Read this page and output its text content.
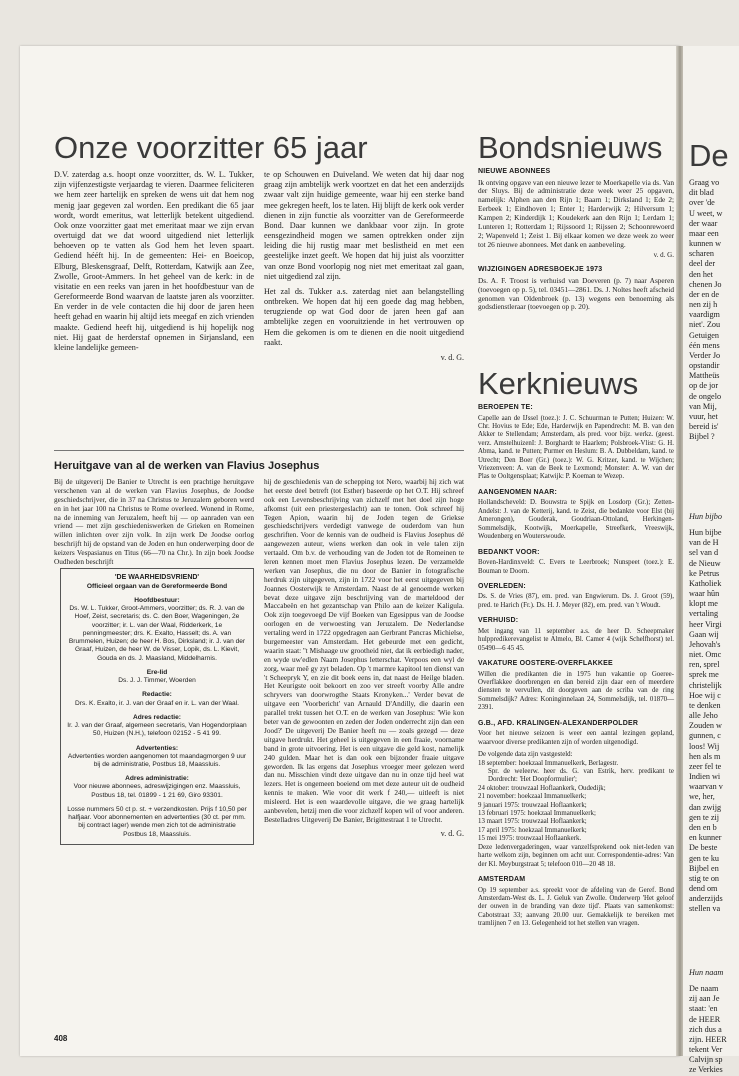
Onze voorzitter 65 jaar

D.V. zaterdag a.s. hoopt onze voorzitter, ds. W. L. Tukker, zijn vijfenzestigste verjaardag te vieren. Daarmee feliciteren we hem zeer hartelijk en spreken de wens uit dat hem nog menig jaar gegeven zal worden. Een predikant die 65 jaar wordt, wordt emeritus, wat letterlijk betekent uitgediend. Ook onze voorzitter gaat met emeritaat maar we zijn ervan overtuigd dat we dat woord uitgediend niet letterlijk behoeven op te vatten als God hem het leven spaart. Gediend hééft hij. In de gemeenten: Hei- en Boeicop, Elburg, Bleskensgraaf, Delft, Rotterdam, Katwijk aan Zee, Zwolle, Groot-Ammers. In het geheel van de kerk: in de visitatie en een reeks van jaren in het hoofdbestuur van de Gereformeerde Bond waarvan de laatste jaren als voorzitter. En verder in de vele contacten die hij door de jaren heen heeft gehad en waarin hij altijd iets meegaf en zich vrienden maakte. Gediend heeft hij, uitgediend is hij hopelijk nog niet. Hij gaat de herderstaf opnemen in Sirjansland, een kleine landelijke gemeen-

te op Schouwen en Duiveland. We weten dat hij daar nog graag zijn ambtelijk werk voortzet en dat het een anderzijds zwaar valt zijn huidige gemeente, waar hij een sterke band mee gekregen heeft, los te laten. Hij blijft de kerk ook verder dienen in zijn functie als voorzitter van de Gereformeerde Bond. Daar kunnen we dankbaar voor zijn. In grote eensgezindheid mogen we samen optrekken onder zijn leiding die hij rustig maar met beslistheid en met een geestelijke inzet geeft. We hopen dat hij juist als voorzitter van onze Bond voorlopig nog niet met emeritaat zal gaan, niet uitgediend zal zijn.

Het zal ds. Tukker a.s. zaterdag niet aan belangstelling ontbreken. We hopen dat hij een goede dag mag hebben, terugziende op wat God door de jaren heen gaf aan ambtelijke zegen en vooruitziende in het vertrouwen op Hem die gekomen is om te dienen en die nooit uitgediend raakt.

v. d. G.
Heruitgave van al de werken van Flavius Josephus

Bij de uitgeverij De Banier te Utrecht is een prachtige heruitgave verschenen van al de werken van Flavius Josephus, de Joodse geschiedschrijver, die in 37 na Christus te Jeruzalem geboren werd en in het jaar 100 na Christus te Rome overleed. Wonend in Rome, na de inneming van Jeruzalem, heeft hij — op aanraden van een vriend — met zijn geschiedeniswerken de Grieken en Romeinen willen inlichten over zijn volk. In zijn werk De Joodse oorlog beschrijft hij de opstand van de Joden en hun onderwerping door de keizers Vespasianus en Titus (66—70 na Chr.). In zijn boek Joodse Oudheden beschrijft

hij de geschiedenis van de schepping tot Nero, waarbij hij zich wat het eerste deel betreft (tot Esther) baseerde op het O.T. Hij schreef ook een Levensbeschrijving van zichzelf met het doel zijn hoge afkomst (uit een priestergeslacht) aan te tonen. Ook schreef hij Tegen Apion, waarin hij de Joden tegen de Griekse geschiedschrijvers verdedigt vanwege de ouderdom van hun geschriften. Voor de kennis van de oudheid is Flavius Josephus dé aangewezen auteur, wiens werken dan ook in vele talen zijn vertaald. Om b.v. de verhouding van de Joden tot de Romeinen te leren kennen moet men Flavius Josephus lezen. De verzamelde werken van Josephus, die nu door de Banier in fotografische herdruk zijn uitgegeven, zijn in 1722 voor het eerst uitgegeven bij Joannes Oosterwijk te Amsterdam. Naast de al genoemde werken bevat deze uitgave zijn beschrijving van de marteldood der Maccabeën en het gezantschap van Philo aan de keizer Kaligula. Ook zijn toegevoegd De vijf Boeken van Egesippus van de Joodse oorlogen en de verwoesting van Jeruzalem. De Nederlandse vertaling werd in 1722 opgedragen aan Gerbrant Pancras Michielse, burgemeester van Amsterdam. Het gebeurde met een gedicht, waarin staat: ''t Mishaage uw grootheid niet, dat ik eerbiedigh nader, en wyde uw'edlen Naam Josephus letterschat. Verpoos een wyl de zorg, waar meê gy zyt beladen. Op 't marmre kapitool ten dienst van 't Scheepryk Y, en zie dit boek eens in, dat naast de Heilge bladen. Het Keurigste ooit bekoort en zoo ver streeft voorby Alle andre schryvers van doorwrogthe Staats Kronyken...' Verder bevat de uitgave een 'Voorbericht' van Arnauld D'Andilly, die daarin een parallel trekt tussen het O.T. en de werken van Josephus: 'Wie kon beter van de gewoonten en zeden der Joden onderrecht zijn dan een Jood?' De uitgeverij De Banier heeft nu — zoals gezegd — deze uitgave herdrukt. Het geheel is uitgegeven in een fraaie, voorname band in grote uitvoering. Het is een uitgave die geld kost, namelijk 240 gulden. Maar het is dan ook een bijzonder fraaie uitgave geworden. Ik las ergens dat Josephus vroeger meer gelezen werd dan nu. Misschien vindt deze uitgave dan nu in onze tijd heel wat lezers. Het is ongemeen boeiend om met deze auteur uit de oudheid kennis te maken. Wie voor dit werk f 240,— uitleeft is niet misleerd. Het is een waardevolle uitgave, die we graag hartelijk aanbevelen, hetzij men die voor zichzelf kopen wil of voor anderen. Bestelladres Uitgeverij De Banier, Brigittestraat 1 te Utrecht.

v. d. G.
'DE WAARHEIDSVRIEND'
Officieel orgaan van de Gereformeerde Bond
Hoofdbestuur:
Ds. W. L. Tukker, Groot-Ammers, voorzitter; ds. R. J. van de Hoef, Zeist, secretaris; ds. C. den Boer, Wageningen, 2e voorzitter; ir. L. van der Waal, Ridderkerk, 1e penningmeester; drs. K. Exalto, Hasselt; ds. A. van Brummelen, Huizen; de heer H. Bos, Dirksland; ir. J. van der Graaf, Huizen, de heer W. de Visser, Lopik, ds. L. Kievit, Gouda en ds. J. Maasland, Middelharnis.
Ere-lid
Ds. J. J. Timmer, Woerden
Redactie:
Drs. K. Exalto, ir. J. van der Graaf en ir. L. van der Waal.
Adres redactie:
Ir. J. van der Graaf, algemeen secretaris, Van Hogendorplaan 50, Huizen (N.H.), telefoon 02152 - 5 41 99.
Advertenties:
Advertenties worden aangenomen tot maandagmorgen 9 uur bij de administratie, Postbus 18, Maassluis.
Adres administratie:
Voor nieuwe abonnees, adreswijzigingen enz. Maassluis, Postbus 18, tel. 01899 - 1 21 69, Giro 93301.
Losse nummers 50 ct p. st. + verzendkosten. Prijs f 10,50 per halfjaar. Voor abonnementen en advertenties (30 ct. per mm. bij contract lager) wende men zich tot de administratie Postbus 18, Maassluis.
Bondsnieuws
NIEUWE ABONNEES

Ik ontving opgave van een nieuwe lezer te Moerkapelle via ds. Van der Sluys. Bij de administratie deze week weer 25 opgaven, namelijk: Alphen aan den Rijn 1; Baarn 1; Dirksland 1; Ede 2; Eerbeek 1; Eindhoven 1; Enter 1; Harderwijk 2; Hilversum 1; Kampen 2; Kinderdijk 1; Koudekerk aan den Rijn 1; Lerdam 1; Lunteren 1; Rotterdam 1; Rijssoord 1; Rijssen 2; Schoonrewoerd 2; Wapenveld 1; Zeist 1. Bij elkaar komen we deze week zo weer tot 26 nieuwe abonnees. Met dank en aanbeveling.

v. d. G.
WIJZIGINGEN ADRESBOEKJE 1973

Ds. A. F. Troost is verhuisd van Doeveren (p. 7) naar Asperen (toevoegen op p. 5), tel. 03451—2861. Ds. J. Noltes heeft afscheid genomen van Oldenbroek (p. 13) wegens een benoeming als godsdienstleraar (toevoegen op p. 20).

Kerknieuws
BEROEPEN TE:

Capelle aan de IJssel (toez.): J. C. Schuurman te Putten; Huizen: W. Chr. Hovius te Ede; Ede, Harderwijk en Papendrecht: M. B. van den Akker te Stellendam; Amsterdam, als pred. voor bijz. werkz. (geest. verz. AmstelhuizenI: J. Borghardt te Haarlem; Polsbroek-Vlist: G. H. Abma, kand. te Putten; Purmer en Heslum: B. A. Dubbeldam, kand. te Utrecht; Den Boer (Gr.) (toez.): W. G. Kritzer, kand. te Wijchen; Vriezenveen: A. van de Beek te Lexmond; Monster: A. W. van der Plas te Ooltgensplaat; Katwijk: P. Koeman te Wezep.

AANGENOMEN NAAR:

Hollandscheveld: D. Bouwstra te Spijk en Losdorp (Gr.); Zetten-Andelst: J. van de Ketterij, kand. te Zeist, die bedankte voor Elst (bij Amerongen), Gouderak, Goudriaan-Ottoland, Herkingen-Sommelsdijk, Kootwijk, Moerkapelle, Streefkerk, Vreeswijk, Woudenberg en Wouterswoude.

BEDANKT VOOR:

Boven-Hardinxveld: C. Evers te Leerbroek; Nunspeet (toez.): E. Bouman te Doorn.

OVERLEDEN:

Ds. S. de Vries (87), em. pred. van Engwierum. Ds. J. Groot (59), pred. te Harich (Fr.). Ds. H. J. Meyer (82), em. pred. van 't Woudt.

VERHUISD:

Met ingang van 11 september a.s. de heer D. Scheepmaker hulppredikerevangelist te Almelo, Bl. Camer 4 (wijk Schelfhorst) tel. 05490—6 45 45.

VAKATURE OOSTERE-OVERFLAKKEE

Willen die predikanten die in 1975 hun vakantie op Goeree-Overflakkee doorbrengen en dan bereid zijn daar een of meerdere diensten te vervullen, dit doorgeven aan de scriba van de ring Sommelsdijk? Adres: Koninginnelaan 24, Sommelsdijk, tel. 01870—2391.

G.B., AFD. KRALINGEN-ALEXANDERPOLDER

Voor het nieuwe seizoen is weer een aantal lezingen gepland, waarvoor diverse predikanten zijn of worden uitgenodigd.

De volgende data zijn vastgesteld:
18 september: hoekzaal Immanuelkerk, Berlagestr.
Spr. de weleerw. heer ds. G. van Estrik, herv. predikant te Dordrecht: 'Het Doopformulier';
24 oktober: trouwzaal Hoflaankerk, Oudedijk;
21 november: hoekzaal Immanuelkerk;
9 januari 1975: trouwzaal Hoflaankerk;
13 februari 1975: hoekzaal Immanuelkerk;
13 maart 1975: trouwzaal Hoflaankerk;
17 april 1975: hoekzaal Immanuelkerk;
15 mei 1975: trouwzaal Hoflaankerk.

Deze ledenvergaderingen, waar vanzelfsprekend ook niet-leden van harte welkom zijn, beginnen om acht uur. Correspondentie-adres: Van der Kl. Meyburgstraat 5; telefoon 010—20 48 18.

AMSTERDAM

Op 19 september a.s. spreekt voor de afdeling van de Geref. Bond Amsterdam-West ds. L. J. Geluk van Zwolle. Onderwerp 'Het geloof der ouwen in de branding van deze tijd'. Plaats van samenkomst: Cabotstraat 33; aanvang 20.00 uur. Gemakkelijk te bereiken met tramlijnen 7 en 13. Gelegenheid tot het stellen van vragen.

408
De
Graag vo
dit blad
over 'de
U weet, w
der waar
maar een
kunnen w
scharen
deel der
den het
chenen Jo
der en de
nen zij h
vaardigm
niet'. Zou
Getuigen
één mens
Verder Jo
opstandir
Mattheüs
op de jor
de ongelo
van Mij,
vuur, het
bereid is'
Bijbel ?
Hun bijbo
Hun bijbe
van de H
sel van d
de Nieuw
ke Petrus
Katholiek
waar hûn
klopt me
vertaling
heer Virgi
Gaan wij
Jehovah's
niet. Omc
ren, sprel
sprek me
christelijk
Hoe wij c
te denken
alle Jeho
Zouden w
gunnen, c
loos! Wij
hen als m
zeer fel te
Indien wi
waarvan v
we, her,
dan zwijg
gen te zij
den en b
en kunner
De beste
gen te ku
Bijbel en
stig te on
dend om
anderzijds
stellen va
Hun naam
De naam
zij aan Je
staat: 'en
de HEER
zich dus a
zijn. HEER
tekent Ver
Calvijn sp
ze Verkies
